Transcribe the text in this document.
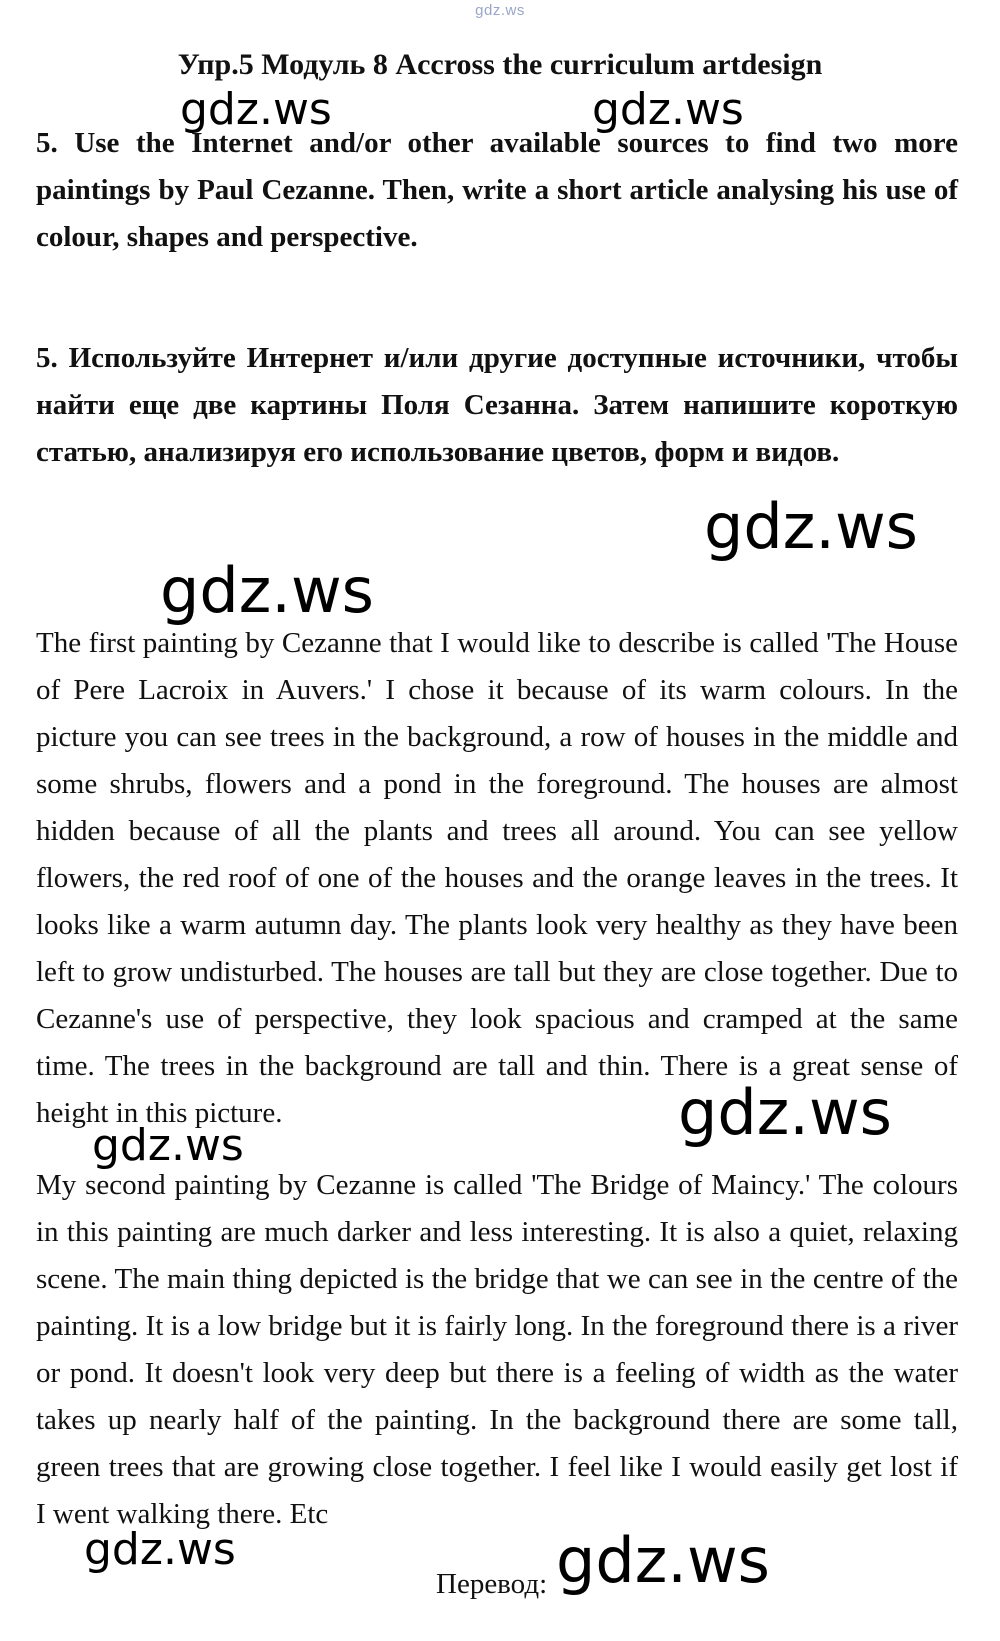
gdz.ws
Упр.5 Модуль 8 Accross the curriculum artdesign

5. Use the Internet and/or other available sources to find two more paintings by Paul Cezanne. Then, write a short article analysing his use of colour, shapes and perspective.

5. Используйте Интернет и/или другие доступные источники, чтобы найти еще две картины Поля Сезанна. Затем напишите короткую статью, анализируя его использование цветов, форм и видов.

The first painting by Cezanne that I would like to describe is called 'The House of Pere Lacroix in Auvers.' I chose it because of its warm colours. In the picture you can see trees in the background, a row of houses in the middle and some shrubs, flowers and a pond in the foreground. The houses are almost hidden because of all the plants and trees all around. You can see yellow flowers, the red roof of one of the houses and the orange leaves in the trees. It looks like a warm autumn day. The plants look very healthy as they have been left to grow undisturbed. The houses are tall but they are close together. Due to Cezanne's use of perspective, they look spacious and cramped at the same time. The trees in the background are tall and thin. There is a great sense of height in this picture.

My second painting by Cezanne is called 'The Bridge of Maincy.' The colours in this painting are much darker and less interesting. It is also a quiet, relaxing scene. The main thing depicted is the bridge that we can see in the centre of the painting. It is a low bridge but it is fairly long. In the foreground there is a river or pond. It doesn't look very deep but there is a feeling of width as the water takes up nearly half of the painting. In the background there are some tall, green trees that are growing close together. I feel like I would easily get lost if I went walking there. Etc

Перевод:

gdz.ws	gdz.ws
gdz.ws
gdz.ws
gdz.ws
gdz.ws
gdz.ws	gdz.ws
